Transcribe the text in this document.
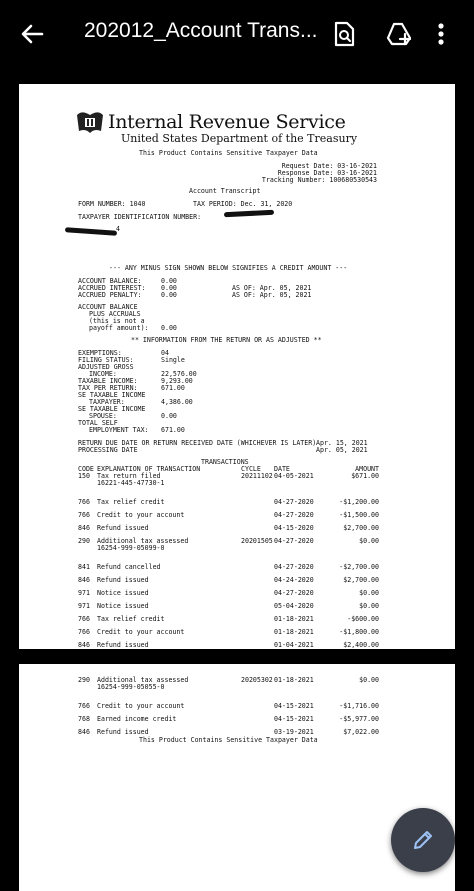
202012_Account Trans...
Internal Revenue Service
United States Department of the Treasury
This Product Contains Sensitive Taxpayer Data
Request Date: 03-16-2021
Response Date: 03-16-2021
Tracking Number: 100680530543
Account Transcript
FORM NUMBER: 1040	TAX PERIOD: Dec. 31, 2020
TAXPAYER IDENTIFICATION NUMBER:
4
--- ANY MINUS SIGN SHOWN BELOW SIGNIFIES A CREDIT AMOUNT ---
ACCOUNT BALANCE:	0.00
ACCRUED INTEREST: 0.00	AS OF: Apr. 05, 2021
ACCRUED PENALTY:	0.00	AS OF: Apr. 05, 2021
ACCOUNT BALANCE
PLUS ACCRUALS
(this is not a
payoff amount): 0.00
** INFORMATION FROM THE RETURN OR AS ADJUSTED **
EXEMPTIONS:	04
FILING STATUS:	Single
ADJUSTED GROSS
INCOME:	22,576.00
TAXABLE INCOME:	9,293.00
TAX PER RETURN:	671.00
SE TAXABLE INCOME
TAXPAYER:	4,386.00
SE TAXABLE INCOME
SPOUSE:	0.00
TOTAL SELF
EMPLOYMENT TAX: 671.00
RETURN DUE DATE OR RETURN RECEIVED DATE (WHICHEVER IS LATER) Apr. 15, 2021
PROCESSING DATE	Apr. 05, 2021
TRANSACTIONS
CODE EXPLANATION OF TRANSACTION	CYCLE DATE	AMOUNT
150 Tax return filed	20211102 04-05-2021	$671.00
16221-445-47730-1
766 Tax relief credit	04-27-2020	-$1,200.00
766 Credit to your account	04-27-2020	-$1,500.00
846 Refund issued	04-15-2020	$2,700.00
290 Additional tax assessed	20201505 04-27-2020	$0.00
16254-999-05099-0
841 Refund cancelled	04-27-2020	-$2,700.00
846 Refund issued	04-24-2020	$2,700.00
971 Notice issued	04-27-2020	$0.00
971 Notice issued	05-04-2020	$0.00
766 Tax relief credit	01-18-2021	-$600.00
766 Credit to your account	01-18-2021	-$1,800.00
846 Refund issued	01-04-2021	$2,400.00
290 Additional tax assessed	20205302 01-18-2021	$0.00
16254-999-05055-0
766 Credit to your account	04-15-2021	-$1,716.00
768 Earned income credit	04-15-2021	-$5,977.00
846 Refund issued	03-19-2021	$7,022.00
This Product Contains Sensitive Taxpayer Data
